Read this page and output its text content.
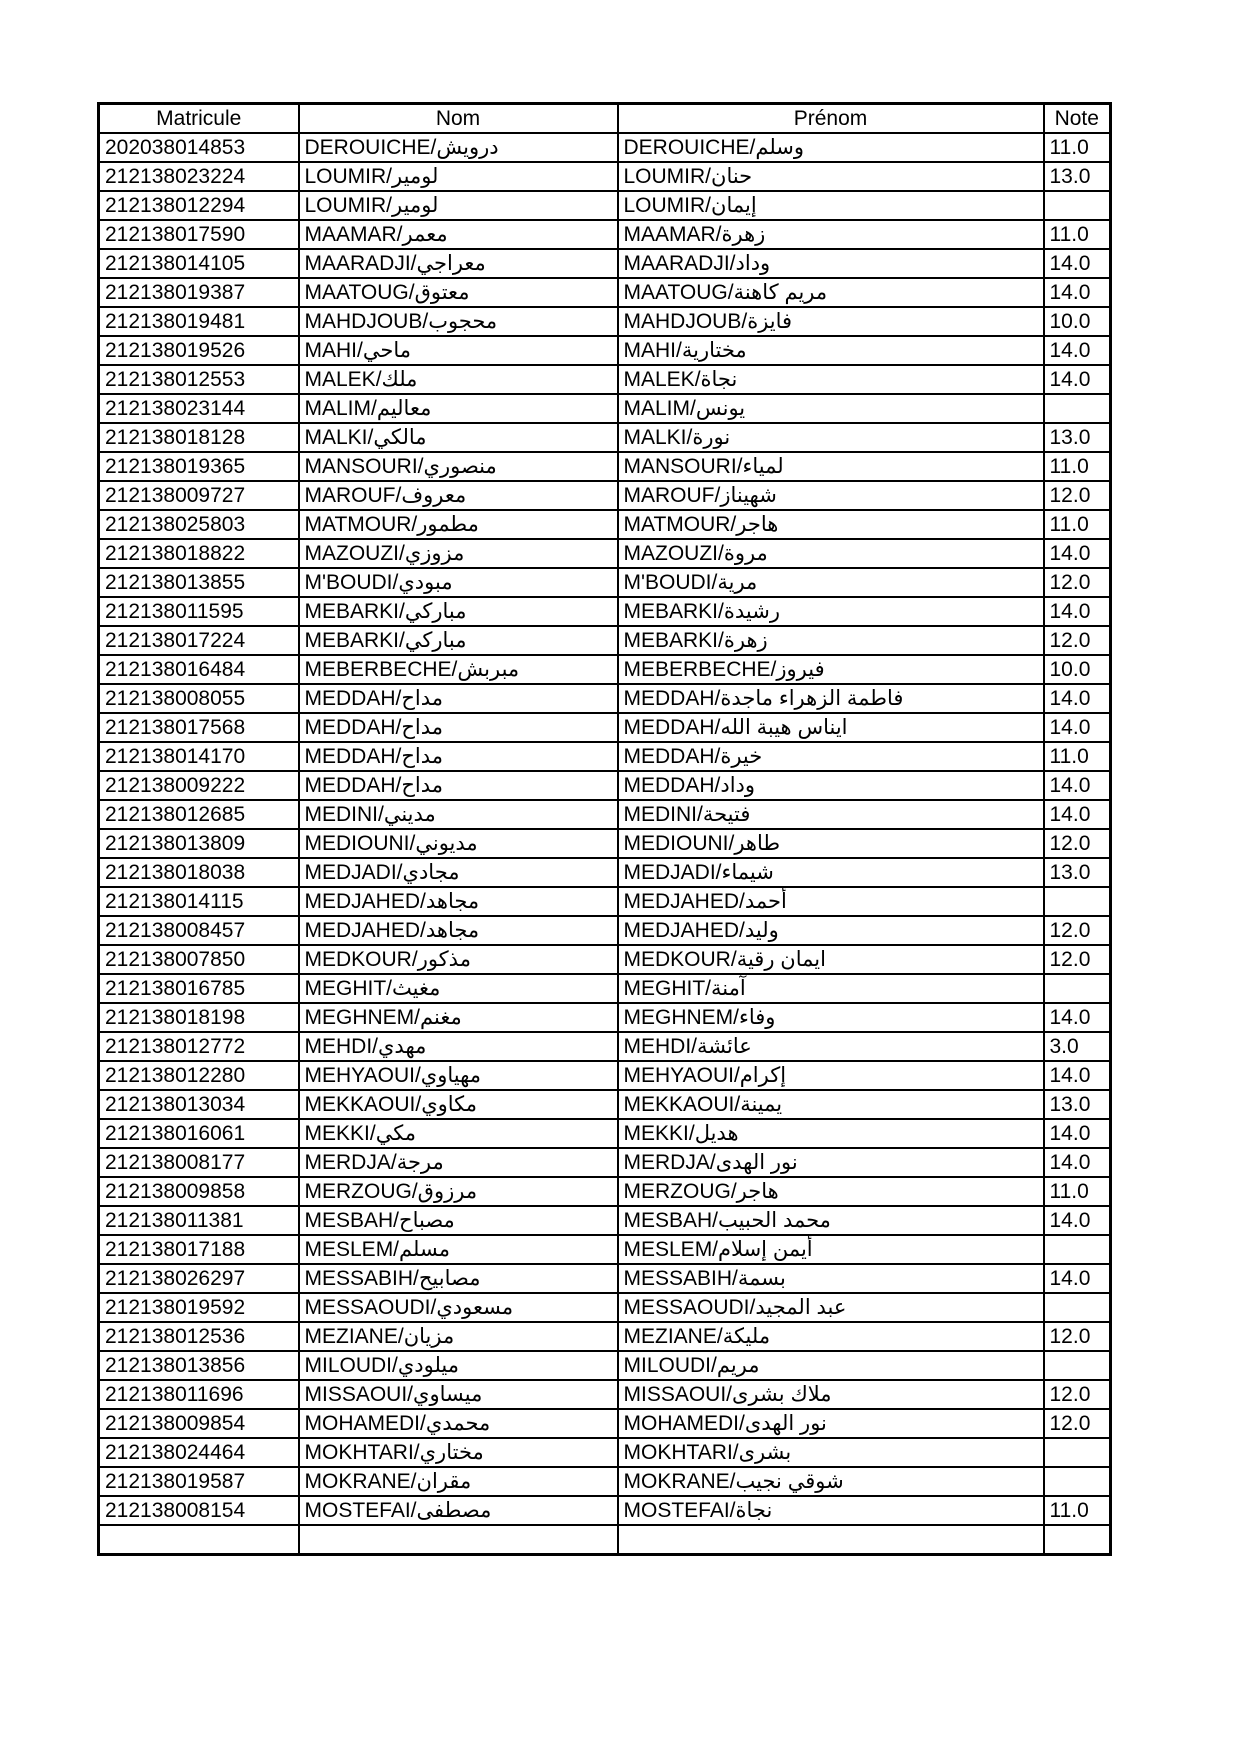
Matricule	Nom	Prénom	Note
202038014853	DEROUICHE/درويش	DEROUICHE/وسلم	11.0
212138023224	LOUMIR/لومير	LOUMIR/حنان	13.0
212138012294	LOUMIR/لومير	LOUMIR/إيمان	
212138017590	MAAMAR/معمر	MAAMAR/زهرة	11.0
212138014105	MAARADJI/معراجي	MAARADJI/وداد	14.0
212138019387	MAATOUG/معتوق	MAATOUG/مريم كاهنة	14.0
212138019481	MAHDJOUB/محجوب	MAHDJOUB/فايزة	10.0
212138019526	MAHI/ماحي	MAHI/مختارية	14.0
212138012553	MALEK/ملك	MALEK/نجاة	14.0
212138023144	MALIM/معاليم	MALIM/يونس	
212138018128	MALKI/مالكي	MALKI/نورة	13.0
212138019365	MANSOURI/منصوري	MANSOURI/لمياء	11.0
212138009727	MAROUF/معروف	MAROUF/شهيناز	12.0
212138025803	MATMOUR/مطمور	MATMOUR/هاجر	11.0
212138018822	MAZOUZI/مزوزي	MAZOUZI/مروة	14.0
212138013855	M'BOUDI/مبودي	M'BOUDI/مرية	12.0
212138011595	MEBARKI/مباركي	MEBARKI/رشيدة	14.0
212138017224	MEBARKI/مباركي	MEBARKI/زهرة	12.0
212138016484	MEBERBECHE/مبربش	MEBERBECHE/فيروز	10.0
212138008055	MEDDAH/مداح	MEDDAH/فاطمة الزهراء ماجدة	14.0
212138017568	MEDDAH/مداح	MEDDAH/ايناس هيبة الله	14.0
212138014170	MEDDAH/مداح	MEDDAH/خيرة	11.0
212138009222	MEDDAH/مداح	MEDDAH/وداد	14.0
212138012685	MEDINI/مديني	MEDINI/فتيحة	14.0
212138013809	MEDIOUNI/مديوني	MEDIOUNI/طاهر	12.0
212138018038	MEDJADI/مجادي	MEDJADI/شيماء	13.0
212138014115	MEDJAHED/مجاهد	MEDJAHED/أحمد	
212138008457	MEDJAHED/مجاهد	MEDJAHED/وليد	12.0
212138007850	MEDKOUR/مذكور	MEDKOUR/ايمان رقية	12.0
212138016785	MEGHIT/مغيث	MEGHIT/آمنة	
212138018198	MEGHNEM/مغنم	MEGHNEM/وفاء	14.0
212138012772	MEHDI/مهدي	MEHDI/عائشة	3.0
212138012280	MEHYAOUI/مهياوي	MEHYAOUI/إكرام	14.0
212138013034	MEKKAOUI/مكاوي	MEKKAOUI/يمينة	13.0
212138016061	MEKKI/مكي	MEKKI/هديل	14.0
212138008177	MERDJA/مرجة	MERDJA/نور الهدى	14.0
212138009858	MERZOUG/مرزوق	MERZOUG/هاجر	11.0
212138011381	MESBAH/مصباح	MESBAH/محمد الحبيب	14.0
212138017188	MESLEM/مسلم	MESLEM/أيمن إسلام	
212138026297	MESSABIH/مصابيح	MESSABIH/بسمة	14.0
212138019592	MESSAOUDI/مسعودي	MESSAOUDI/عبد المجيد	
212138012536	MEZIANE/مزيان	MEZIANE/مليكة	12.0
212138013856	MILOUDI/ميلودي	MILOUDI/مريم	
212138011696	MISSAOUI/ميساوي	MISSAOUI/ملاك بشرى	12.0
212138009854	MOHAMEDI/محمدي	MOHAMEDI/نور الهدى	12.0
212138024464	MOKHTARI/مختاري	MOKHTARI/بشرى	
212138019587	MOKRANE/مقران	MOKRANE/شوقي نجيب	
212138008154	MOSTEFAI/مصطفى	MOSTEFAI/نجاة	11.0
